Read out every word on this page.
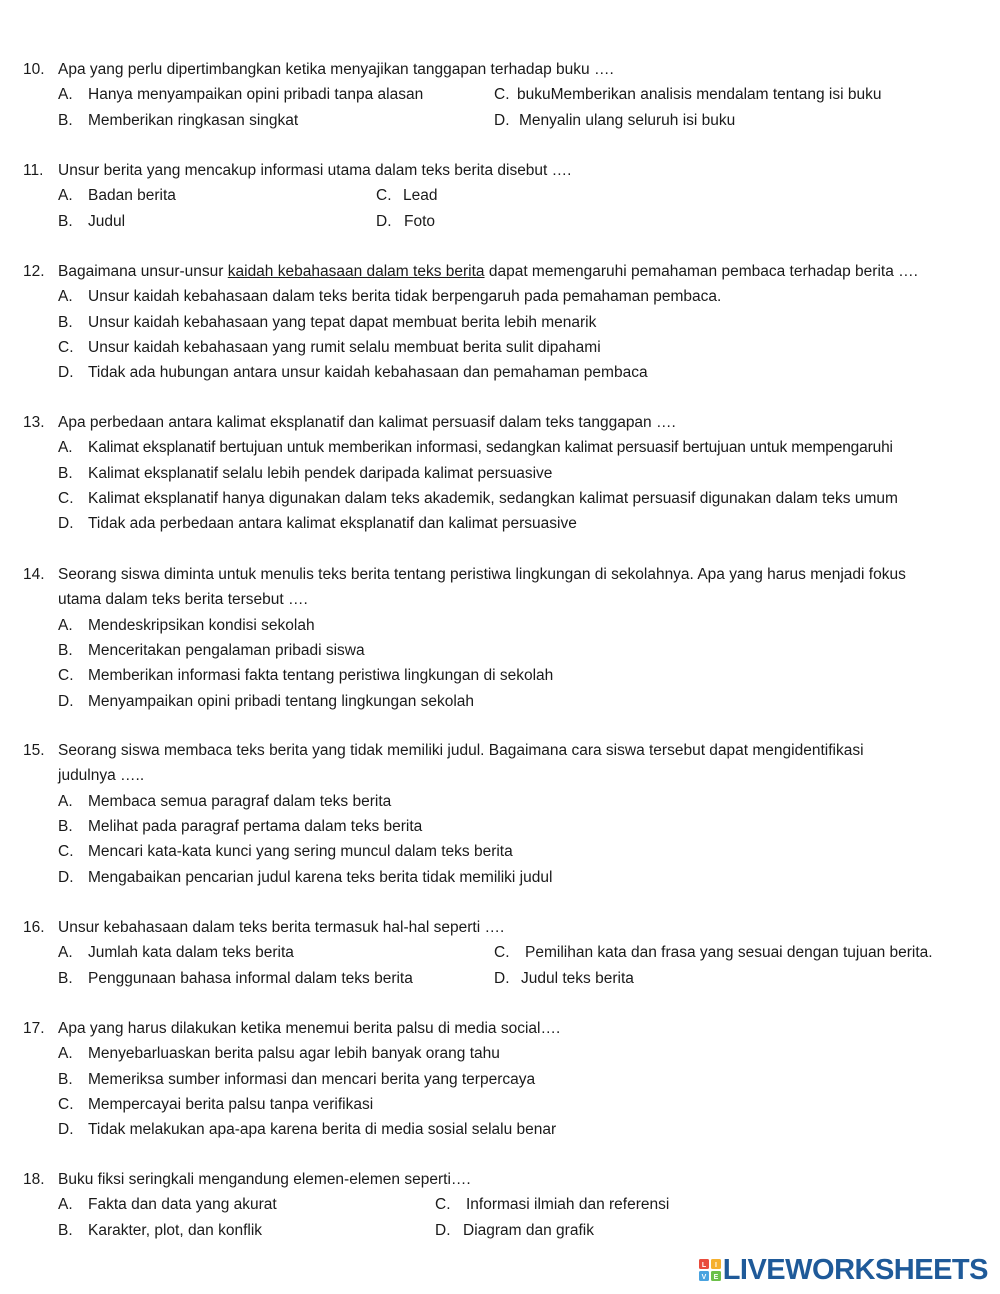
10. Apa yang perlu dipertimbangkan ketika menyajikan tanggapan terhadap buku ….
A. Hanya menyampaikan opini pribadi tanpa alasan	C. bukuMemberikan analisis mendalam tentang isi buku
B. Memberikan ringkasan singkat	D. Menyalin ulang seluruh isi buku
11. Unsur berita yang mencakup informasi utama dalam teks berita disebut ….
A. Badan berita	C. Lead
B. Judul	D. Foto
12. Bagaimana unsur-unsur kaidah kebahasaan dalam teks berita dapat memengaruhi pemahaman pembaca terhadap berita ….
A. Unsur kaidah kebahasaan dalam teks berita tidak berpengaruh pada pemahaman pembaca.
B. Unsur kaidah kebahasaan yang tepat dapat membuat berita lebih menarik
C. Unsur kaidah kebahasaan yang rumit selalu membuat berita sulit dipahami
D. Tidak ada hubungan antara unsur kaidah kebahasaan dan pemahaman pembaca
13. Apa perbedaan antara kalimat eksplanatif dan kalimat persuasif dalam teks tanggapan ….
A. Kalimat eksplanatif bertujuan untuk memberikan informasi, sedangkan kalimat persuasif bertujuan untuk mempengaruhi
B. Kalimat eksplanatif selalu lebih pendek daripada kalimat persuasive
C. Kalimat eksplanatif hanya digunakan dalam teks akademik, sedangkan kalimat persuasif digunakan dalam teks umum
D. Tidak ada perbedaan antara kalimat eksplanatif dan kalimat persuasive
14. Seorang siswa diminta untuk menulis teks berita tentang peristiwa lingkungan di sekolahnya. Apa yang harus menjadi fokus
utama dalam teks berita tersebut ….
A. Mendeskripsikan kondisi sekolah
B. Menceritakan pengalaman pribadi siswa
C. Memberikan informasi fakta tentang peristiwa lingkungan di sekolah
D. Menyampaikan opini pribadi tentang lingkungan sekolah
15. Seorang siswa membaca teks berita yang tidak memiliki judul. Bagaimana cara siswa tersebut dapat mengidentifikasi
judulnya …..
A. Membaca semua paragraf dalam teks berita
B. Melihat pada paragraf pertama dalam teks berita
C. Mencari kata-kata kunci yang sering muncul dalam teks berita
D. Mengabaikan pencarian judul karena teks berita tidak memiliki judul
16. Unsur kebahasaan dalam teks berita termasuk hal-hal seperti ….
A. Jumlah kata dalam teks berita	C. Pemilihan kata dan frasa yang sesuai dengan tujuan berita.
B. Penggunaan bahasa informal dalam teks berita	D. Judul teks berita
17. Apa yang harus dilakukan ketika menemui berita palsu di media social….
A. Menyebarluaskan berita palsu agar lebih banyak orang tahu
B. Memeriksa sumber informasi dan mencari berita yang terpercaya
C. Mempercayai berita palsu tanpa verifikasi
D. Tidak melakukan apa-apa karena berita di media sosial selalu benar
18. Buku fiksi seringkali mengandung elemen-elemen seperti….
A. Fakta dan data yang akurat	C. Informasi ilmiah dan referensi
B. Karakter, plot, dan konflik	D. Diagram dan grafik
L I
V E LIVEWORKSHEETS
